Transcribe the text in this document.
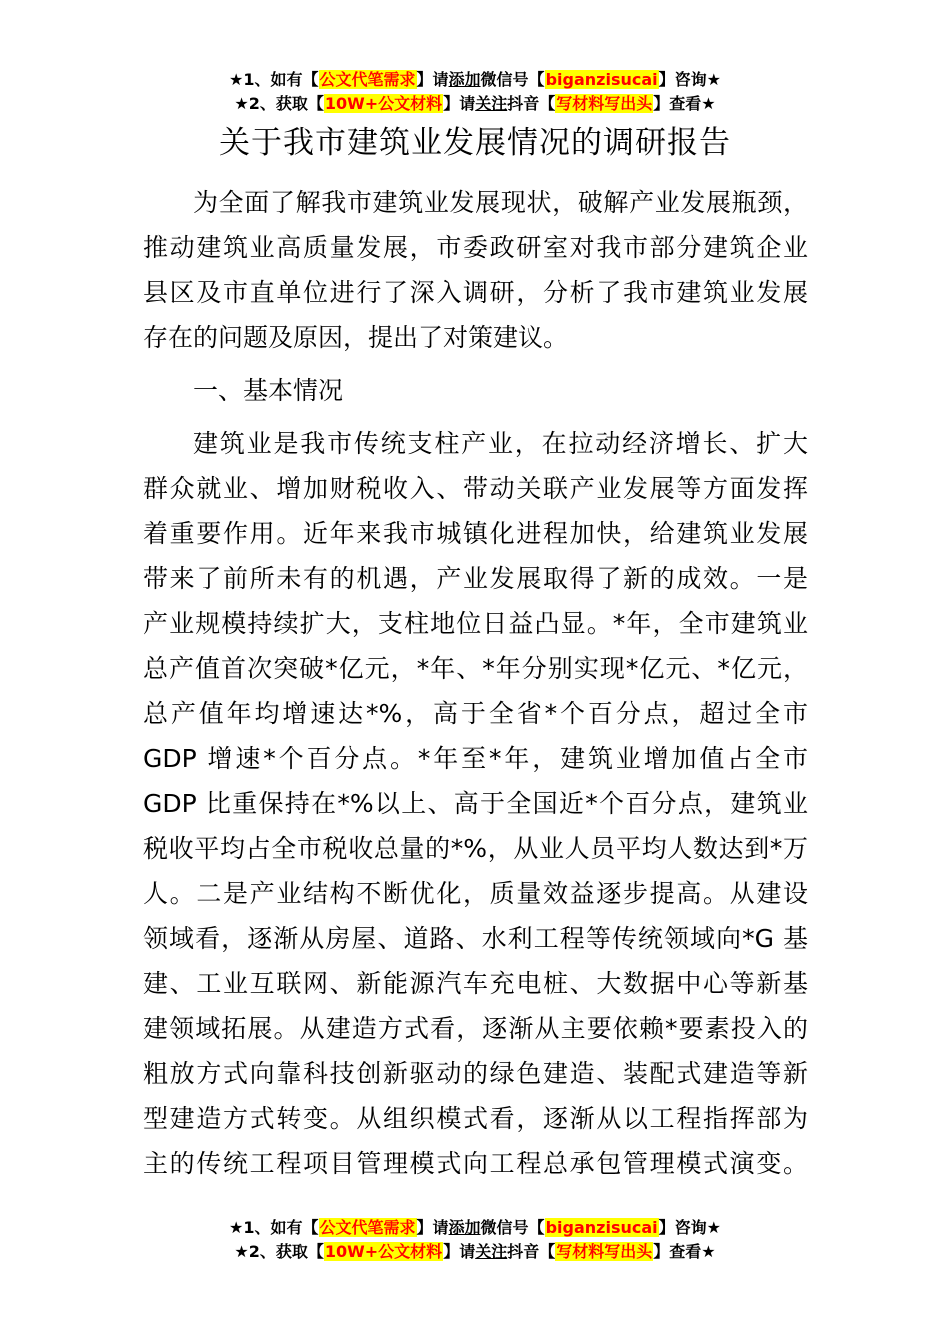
★1、如有【公文代笔需求】请添加微信号【biganzisucai】咨询★
★2、获取【10W+公文材料】请关注抖音【写材料写出头】查看★
关于我市建筑业发展情况的调研报告

为全面了解我市建筑业发展现状，破解产业发展瓶颈，
推动建筑业高质量发展，市委政研室对我市部分建筑企业
县区及市直单位进行了深入调研，分析了我市建筑业发展
存在的问题及原因，提出了对策建议。

一、基本情况

建筑业是我市传统支柱产业，在拉动经济增长、扩大
群众就业、增加财税收入、带动关联产业发展等方面发挥
着重要作用。近年来我市城镇化进程加快，给建筑业发展
带来了前所未有的机遇，产业发展取得了新的成效。一是
产业规模持续扩大，支柱地位日益凸显。*年，全市建筑业
总产值首次突破*亿元，*年、*年分别实现*亿元、*亿元，
总产值年均增速达*%，高于全省*个百分点，超过全市
GDP 增速*个百分点。*年至*年，建筑业增加值占全市
GDP 比重保持在*%以上、高于全国近*个百分点，建筑业
税收平均占全市税收总量的*%，从业人员平均人数达到*万
人。二是产业结构不断优化，质量效益逐步提高。从建设
领域看，逐渐从房屋、道路、水利工程等传统领域向*G 基
建、工业互联网、新能源汽车充电桩、大数据中心等新基
建领域拓展。从建造方式看，逐渐从主要依赖*要素投入的
粗放方式向靠科技创新驱动的绿色建造、装配式建造等新
型建造方式转变。从组织模式看，逐渐从以工程指挥部为
主的传统工程项目管理模式向工程总承包管理模式演变。

★1、如有【公文代笔需求】请添加微信号【biganzisucai】咨询★
★2、获取【10W+公文材料】请关注抖音【写材料写出头】查看★
